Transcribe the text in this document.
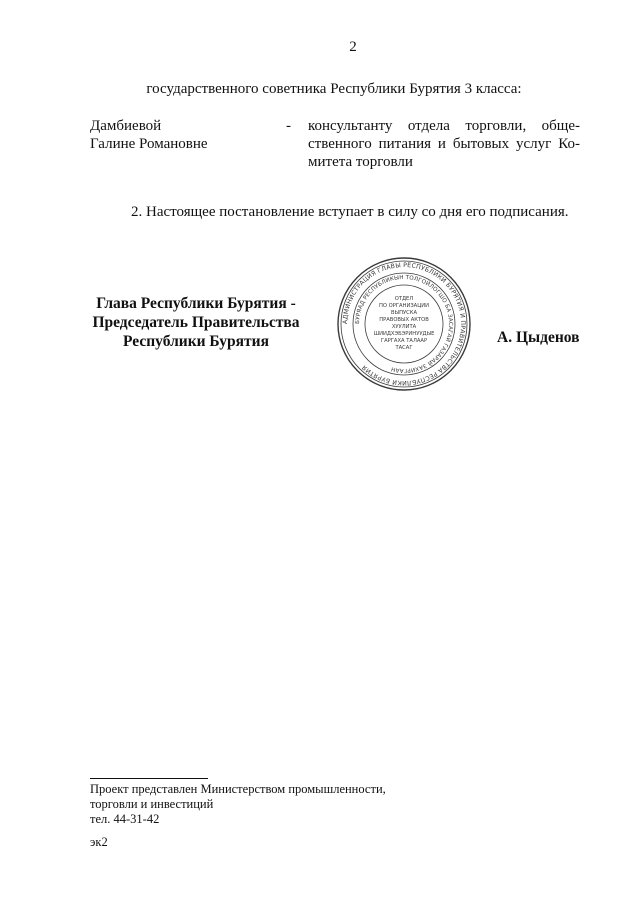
2
государственного советника Республики Бурятия 3 класса:
Дамбиевой
Галине Романовне
- консультанту отдела торговли, обще-ственного питания и бытовых услуг Ко-митета торговли
2. Настоящее постановление вступает в силу со дня его подписания.
Глава Республики Бурятия -
Председатель Правительства
Республики Бурятия
АДМИНИСТРАЦИЯ ГЛАВЫ РЕСПУБЛИКИ БУРЯТИЯ И ПРАВИТЕЛЬСТВА РЕСПУБЛИКИ БУРЯТИЯ
БУРЯАД РЕСПУБЛИКЫН ТОЛГОЙЛОГШО БА ЗАСАГАЙ ГАЗАРАЙ ЗАХИРГААН
ОТДЕЛ
ПО ОРГАНИЗАЦИИ
ВЫПУСКА
ПРАВОВЫХ АКТОВ
ХУУЛИТА
ШИИДХЭБЭРИНУУДЫЕ
ГАРГАХА ТАЛААР
ТАСАГ
А. Цыденов
Проект представлен Министерством промышленности,
торговли и инвестиций
тел. 44-31-42
эк2
